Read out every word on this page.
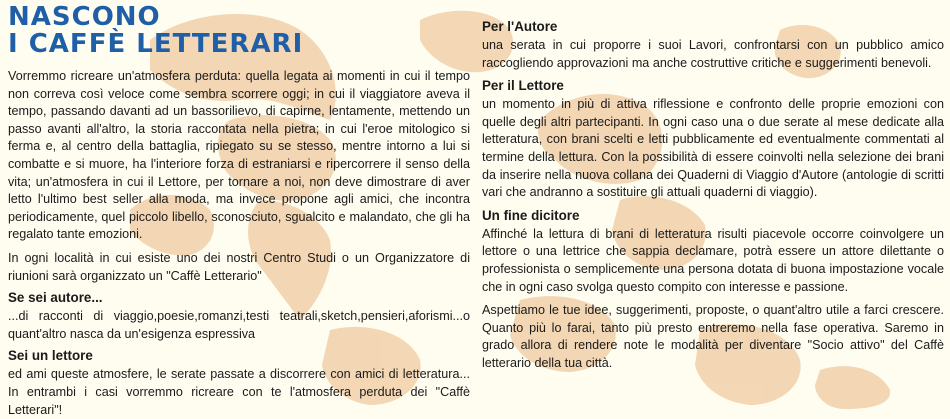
NASCONO
I CAFFÈ LETTERARI

Vorremmo ricreare un'atmosfera perduta: quella legata ai momenti in cui il tempo non correva così veloce come sembra scorrere oggi; in cui il viaggiatore aveva il tempo, passando davanti ad un bassorilievo, di capirne, lentamente, mettendo un passo avanti all'altro, la storia raccontata nella pietra; in cui l'eroe mitologico si ferma e, al centro della battaglia, ripiegato su se stesso, mentre intorno a lui si combatte e si muore, ha l'interiore forza di estraniarsi e ripercorrere il senso della vita; un'atmosfera in cui il Lettore, per tornare a noi, non deve dimostrare di aver letto l'ultimo best seller alla moda, ma invece propone agli amici, che incontra periodicamente, quel piccolo libello, sconosciuto, sgualcito e malandato, che gli ha regalato tante emozioni.

In ogni località in cui esiste uno dei nostri Centro Studi o un Organizzatore di riunioni sarà organizzato un "Caffè Letterario"

Se sei autore...

...di racconti di viaggio,poesie,romanzi,testi teatrali,sketch,pensieri,aforismi...o quant'altro nasca da un'esigenza espressiva

Sei un lettore

ed ami queste atmosfere, le serate passate a discorrere con amici di letteratura... In entrambi i casi vorremmo ricreare con te l'atmosfera perduta dei "Caffè Letterari"!

Per l'Autore

una serata in cui proporre i suoi Lavori, confrontarsi con un pubblico amico raccogliendo approvazioni ma anche costruttive critiche e suggerimenti benevoli.

Per il Lettore

un momento in più di attiva riflessione e confronto delle proprie emozioni con quelle degli altri partecipanti. In ogni caso una o due serate al mese dedicate alla letteratura, con brani scelti e letti pubblicamente ed eventualmente commentati al termine della lettura. Con la possibilità di essere coinvolti nella selezione dei brani da inserire nella nuova collana dei Quaderni di Viaggio d'Autore (antologie di scritti vari che andranno a sostituire gli attuali quaderni di viaggio).

Un fine dicitore

Affinché la lettura di brani di letteratura risulti piacevole occorre coinvolgere un lettore o una lettrice che sappia declamare, potrà essere un attore dilettante o professionista o semplicemente una persona dotata di buona impostazione vocale che in ogni caso svolga questo compito con interesse e passione.

Aspettiamo le tue idee, suggerimenti, proposte, o quant'altro utile a farci crescere. Quanto più lo farai, tanto più presto entreremo nella fase operativa. Saremo in grado allora di rendere note le modalità per diventare "Socio attivo" del Caffè letterario della tua città.
